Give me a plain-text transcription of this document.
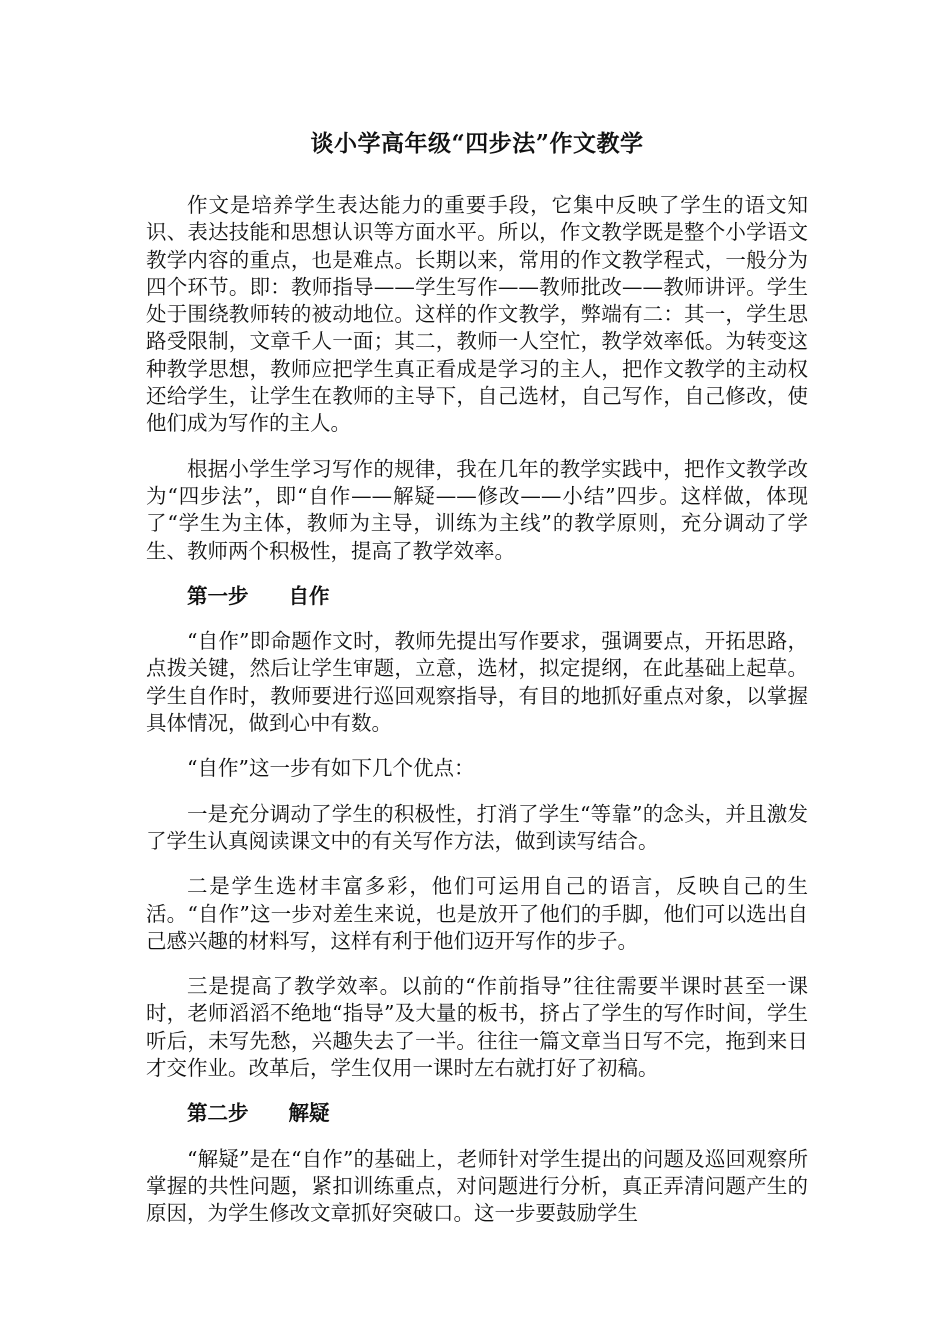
谈小学高年级“四步法”作文教学

作文是培养学生表达能力的重要手段，它集中反映了学生的语文知识、表达技能和思想认识等方面水平。所以，作文教学既是整个小学语文教学内容的重点，也是难点。长期以来，常用的作文教学程式，一般分为四个环节。即：教师指导——学生写作——教师批改——教师讲评。学生处于围绕教师转的被动地位。这样的作文教学，弊端有二：其一，学生思路受限制，文章千人一面；其二，教师一人空忙，教学效率低。为转变这种教学思想，教师应把学生真正看成是学习的主人，把作文教学的主动权还给学生，让学生在教师的主导下，自己选材，自己写作，自己修改，使他们成为写作的主人。

根据小学生学习写作的规律，我在几年的教学实践中，把作文教学改为“四步法”，即“自作——解疑——修改——小结”四步。这样做，体现了“学生为主体，教师为主导，训练为主线”的教学原则，充分调动了学生、教师两个积极性，提高了教学效率。

第一步 自作

“自作”即命题作文时，教师先提出写作要求，强调要点，开拓思路，点拨关键，然后让学生审题，立意，选材，拟定提纲，在此基础上起草。学生自作时，教师要进行巡回观察指导，有目的地抓好重点对象，以掌握具体情况，做到心中有数。

“自作”这一步有如下几个优点：

一是充分调动了学生的积极性，打消了学生“等靠”的念头，并且激发了学生认真阅读课文中的有关写作方法，做到读写结合。

二是学生选材丰富多彩，他们可运用自己的语言，反映自己的生活。“自作”这一步对差生来说，也是放开了他们的手脚，他们可以选出自己感兴趣的材料写，这样有利于他们迈开写作的步子。

三是提高了教学效率。以前的“作前指导”往往需要半课时甚至一课时，老师滔滔不绝地“指导”及大量的板书，挤占了学生的写作时间，学生听后，未写先愁，兴趣失去了一半。往往一篇文章当日写不完，拖到来日才交作业。改革后，学生仅用一课时左右就打好了初稿。

第二步 解疑

“解疑”是在“自作”的基础上，老师针对学生提出的问题及巡回观察所掌握的共性问题，紧扣训练重点，对问题进行分析，真正弄清问题产生的原因，为学生修改文章抓好突破口。这一步要鼓励学生
